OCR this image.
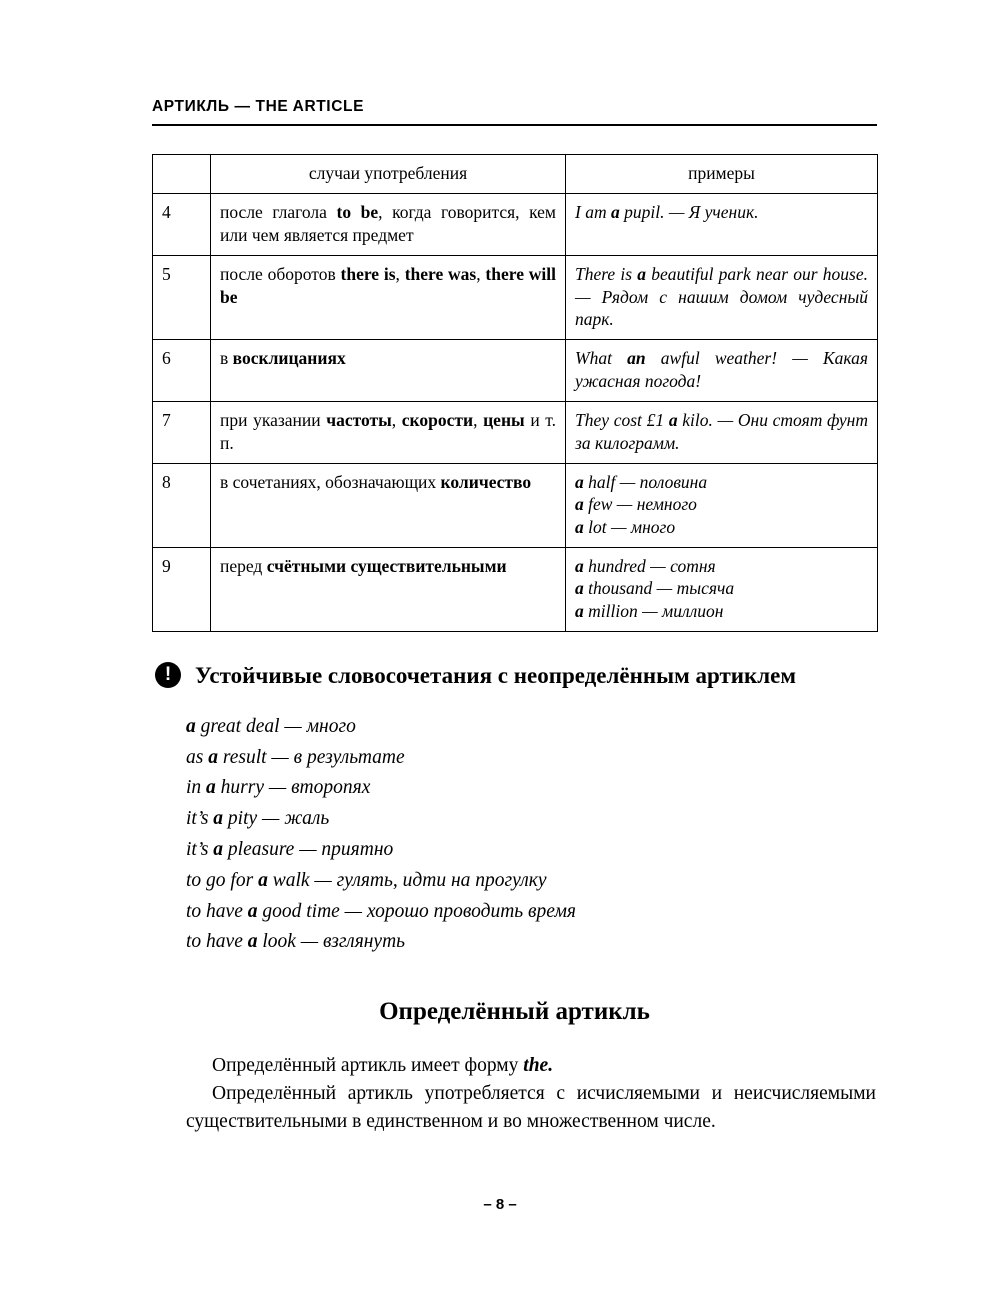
АРТИКЛЬ — THE ARTICLE
	случаи употребления	примеры
4	после глагола to be, когда говорится, кем или чем является предмет	I am a pupil. — Я ученик.
5	после оборотов there is, there was, there will be	There is a beautiful park near our house. — Рядом с нашим домом чудесный парк.
6	в восклицаниях	What an awful weather! — Какая ужасная погода!
7	при указании частоты, скорости, цены и т. п.	They cost £1 a kilo. — Они стоят фунт за килограмм.
8	в сочетаниях, обозначающих количество	a half — половина
a few — немного
a lot — много
9	перед счётными существительными	a hundred — сотня
a thousand — тысяча
a million — миллион
!	Устойчивые словосочетания с неопределённым артиклем
a great deal — много
as a result — в результате
in a hurry — второпях
it’s a pity — жаль
it’s a pleasure — приятно
to go for a walk — гулять, идти на прогулку
to have a good time — хорошо проводить время
to have a look — взглянуть
Определённый артикль
Определённый артикль имеет форму the.
Определённый артикль употребляется с исчисляемыми и неисчисляемыми существительными в единственном и во множественном числе.
– 8 –
